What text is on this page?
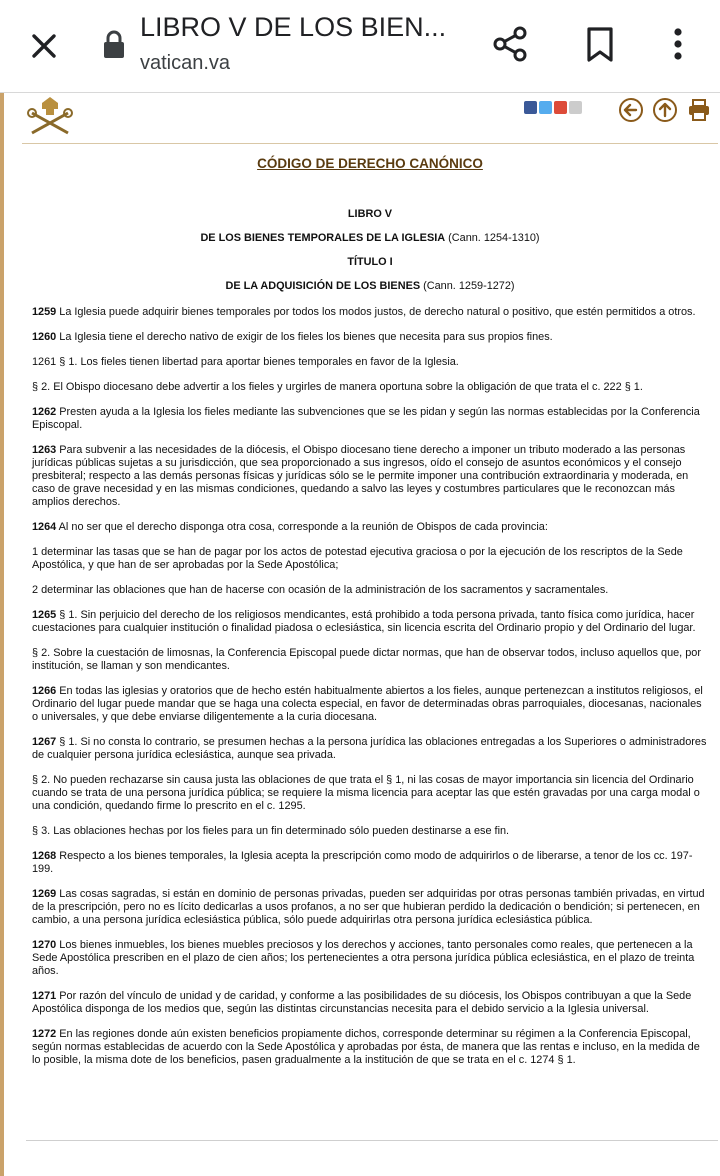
LIBRO V DE LOS BIEN...
vatican.va
CÓDIGO DE DERECHO CANÓNICO
LIBRO V
DE LOS BIENES TEMPORALES DE LA IGLESIA (Cann. 1254-1310)
TÍTULO I
DE LA ADQUISICIÓN DE LOS BIENES (Cann. 1259-1272)

1259 La Iglesia puede adquirir bienes temporales por todos los modos justos, de derecho natural o positivo, que estén permitidos a otros.

1260 La Iglesia tiene el derecho nativo de exigir de los fieles los bienes que necesita para sus propios fines.

1261 § 1. Los fieles tienen libertad para aportar bienes temporales en favor de la Iglesia.

§ 2. El Obispo diocesano debe advertir a los fieles y urgirles de manera oportuna sobre la obligación de que trata el c. 222 § 1.

1262 Presten ayuda a la Iglesia los fieles mediante las subvenciones que se les pidan y según las normas establecidas por la Conferencia Episcopal.

1263 Para subvenir a las necesidades de la diócesis, el Obispo diocesano tiene derecho a imponer un tributo moderado a las personas jurídicas públicas sujetas a su jurisdicción, que sea proporcionado a sus ingresos, oído el consejo de asuntos económicos y el consejo presbiteral; respecto a las demás personas físicas y jurídicas sólo se le permite imponer una contribución extraordinaria y moderada, en caso de grave necesidad y en las mismas condiciones, quedando a salvo las leyes y costumbres particulares que le reconozcan más amplios derechos.

1264 Al no ser que el derecho disponga otra cosa, corresponde a la reunión de Obispos de cada provincia:

1 determinar las tasas que se han de pagar por los actos de potestad ejecutiva graciosa o por la ejecución de los rescriptos de la Sede Apostólica, y que han de ser aprobadas por la Sede Apostólica;

2 determinar las oblaciones que han de hacerse con ocasión de la administración de los sacramentos y sacramentales.

1265 § 1. Sin perjuicio del derecho de los religiosos mendicantes, está prohibido a toda persona privada, tanto física como jurídica, hacer cuestaciones para cualquier institución o finalidad piadosa o eclesiástica, sin licencia escrita del Ordinario propio y del Ordinario del lugar.

§ 2. Sobre la cuestación de limosnas, la Conferencia Episcopal puede dictar normas, que han de observar todos, incluso aquellos que, por institución, se llaman y son mendicantes.

1266 En todas las iglesias y oratorios que de hecho estén habitualmente abiertos a los fieles, aunque pertenezcan a institutos religiosos, el Ordinario del lugar puede mandar que se haga una colecta especial, en favor de determinadas obras parroquiales, diocesanas, nacionales o universales, y que debe enviarse diligentemente a la curia diocesana.

1267 § 1. Si no consta lo contrario, se presumen hechas a la persona jurídica las oblaciones entregadas a los Superiores o administradores de cualquier persona jurídica eclesiástica, aunque sea privada.

§ 2. No pueden rechazarse sin causa justa las oblaciones de que trata el § 1, ni las cosas de mayor importancia sin licencia del Ordinario cuando se trata de una persona jurídica pública; se requiere la misma licencia para aceptar las que estén gravadas por una carga modal o una condición, quedando firme lo prescrito en el c. 1295.

§ 3. Las oblaciones hechas por los fieles para un fin determinado sólo pueden destinarse a ese fin.

1268 Respecto a los bienes temporales, la Iglesia acepta la prescripción como modo de adquirirlos o de liberarse, a tenor de los cc. 197-199.

1269 Las cosas sagradas, si están en dominio de personas privadas, pueden ser adquiridas por otras personas también privadas, en virtud de la prescripción, pero no es lícito dedicarlas a usos profanos, a no ser que hubieran perdido la dedicación o bendición; si pertenecen, en cambio, a una persona jurídica eclesiástica pública, sólo puede adquirirlas otra persona jurídica eclesiástica pública.

1270 Los bienes inmuebles, los bienes muebles preciosos y los derechos y acciones, tanto personales como reales, que pertenecen a la Sede Apostólica prescriben en el plazo de cien años; los pertenecientes a otra persona jurídica pública eclesiástica, en el plazo de treinta años.

1271 Por razón del vínculo de unidad y de caridad, y conforme a las posibilidades de su diócesis, los Obispos contribuyan a que la Sede Apostólica disponga de los medios que, según las distintas circunstancias necesita para el debido servicio a la Iglesia universal.

1272 En las regiones donde aún existen beneficios propiamente dichos, corresponde determinar su régimen a la Conferencia Episcopal, según normas establecidas de acuerdo con la Sede Apostólica y aprobadas por ésta, de manera que las rentas e incluso, en la medida de lo posible, la misma dote de los beneficios, pasen gradualmente a la institución de que se trata en el c. 1274 § 1.
